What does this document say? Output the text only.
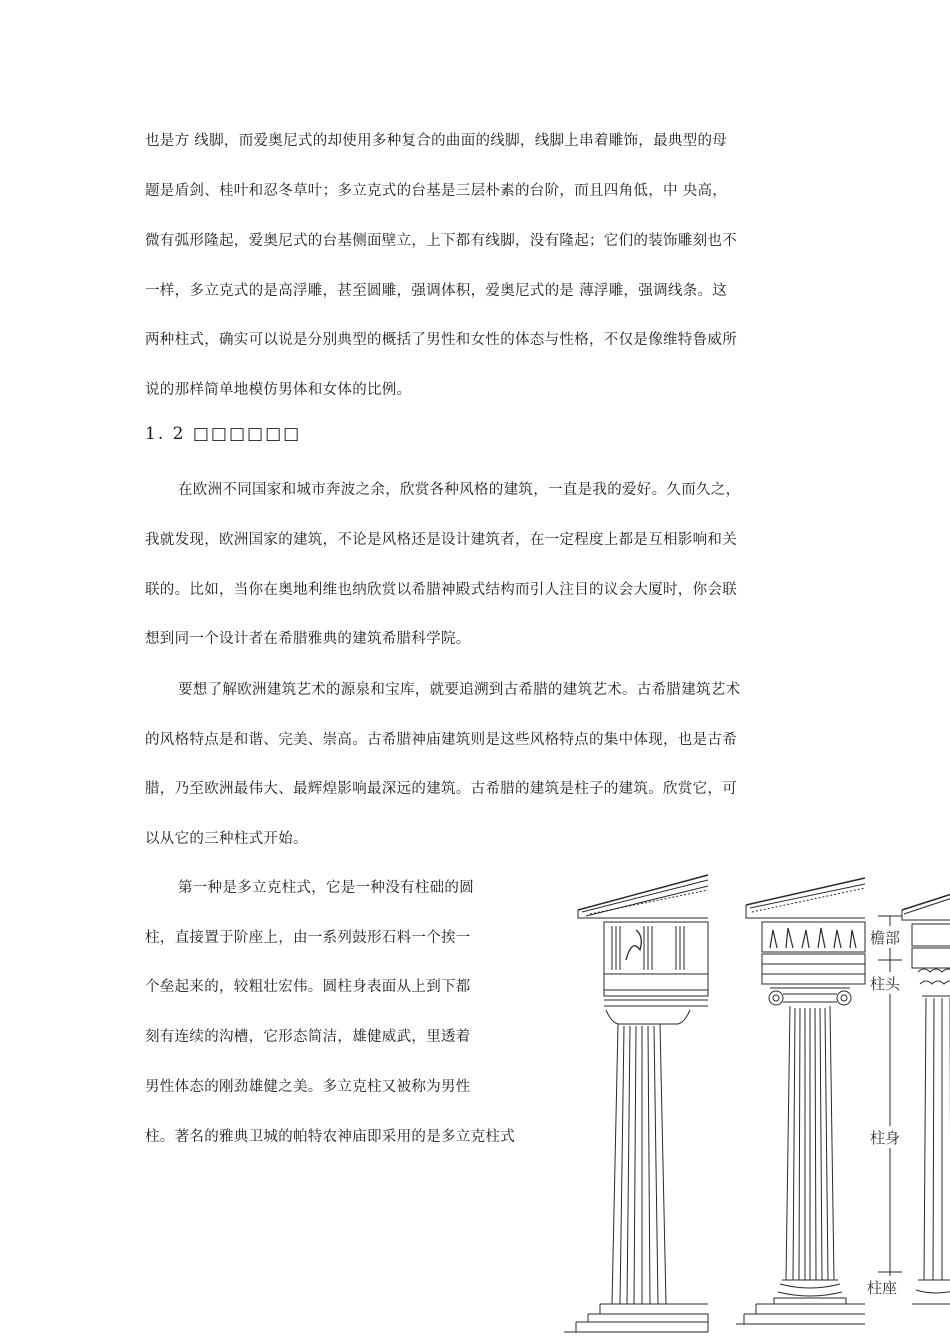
也是方 线脚，而爱奥尼式的却使用多种复合的曲面的线脚，线脚上串着雕饰，最典型的母
题是盾剑、桂叶和忍冬草叶；多立克式的台基是三层朴素的台阶，而且四角低，中 央高，
微有弧形隆起，爱奥尼式的台基侧面壁立，上下都有线脚，没有隆起；它们的装饰雕刻也不
一样，多立克式的是高浮雕，甚至圆雕，强调体积，爱奥尼式的是 薄浮雕，强调线条。这
两种柱式，确实可以说是分别典型的概括了男性和女性的体态与性格，不仅是像维特鲁威所
说的那样简单地模仿男体和女体的比例。
1. 2 □□□□□□
在欧洲不同国家和城市奔波之余，欣赏各种风格的建筑，一直是我的爱好。久而久之，
我就发现，欧洲国家的建筑，不论是风格还是设计建筑者，在一定程度上都是互相影响和关
联的。比如，当你在奥地利维也纳欣赏以希腊神殿式结构而引人注目的议会大厦时，你会联
想到同一个设计者在希腊雅典的建筑希腊科学院。
要想了解欧洲建筑艺术的源泉和宝库，就要追溯到古希腊的建筑艺术。古希腊建筑艺术
的风格特点是和谐、完美、崇高。古希腊神庙建筑则是这些风格特点的集中体现，也是古希
腊，乃至欧洲最伟大、最辉煌影响最深远的建筑。古希腊的建筑是柱子的建筑。欣赏它，可
以从它的三种柱式开始。
第一种是多立克柱式，它是一种没有柱础的圆
柱，直接置于阶座上，由一系列鼓形石料一个挨一
个垒起来的，较粗壮宏伟。圆柱身表面从上到下都
刻有连续的沟槽，它形态简洁，雄健威武，里透着
男性体态的刚劲雄健之美。多立克柱又被称为男性
柱。著名的雅典卫城的帕特农神庙即采用的是多立克柱式
檐部
柱头
柱身
柱座
